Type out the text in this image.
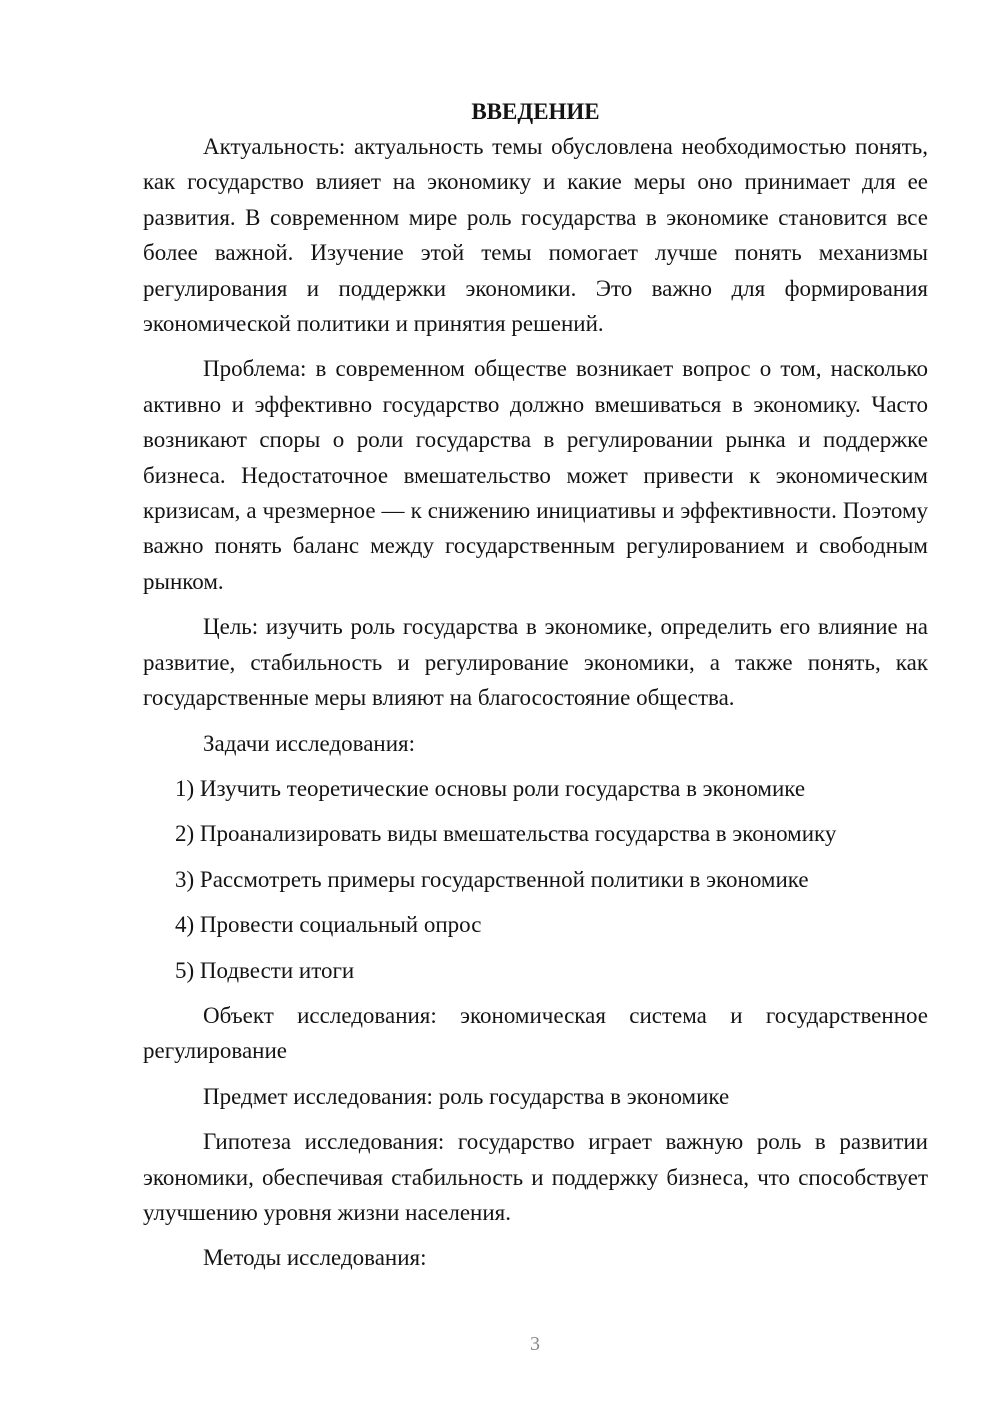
ВВЕДЕНИЕ

Актуальность: актуальность темы обусловлена необходимостью понять, как государство влияет на экономику и какие меры оно принимает для ее развития. В современном мире роль государства в экономике становится все более важной. Изучение этой темы помогает лучше понять механизмы регулирования и поддержки экономики. Это важно для формирования экономической политики и принятия решений.

Проблема: в современном обществе возникает вопрос о том, насколько активно и эффективно государство должно вмешиваться в экономику. Часто возникают споры о роли государства в регулировании рынка и поддержке бизнеса. Недостаточное вмешательство может привести к экономическим кризисам, а чрезмерное — к снижению инициативы и эффективности. Поэтому важно понять баланс между государственным регулированием и свободным рынком.

Цель: изучить роль государства в экономике, определить его влияние на развитие, стабильность и регулирование экономики, а также понять, как государственные меры влияют на благосостояние общества.

Задачи исследования:

1) Изучить теоретические основы роли государства в экономике
2) Проанализировать виды вмешательства государства в экономику
3) Рассмотреть примеры государственной политики в экономике
4) Провести социальный опрос
5) Подвести итоги

Объект исследования: экономическая система и государственное регулирование

Предмет исследования: роль государства в экономике

Гипотеза исследования: государство играет важную роль в развитии экономики, обеспечивая стабильность и поддержку бизнеса, что способствует улучшению уровня жизни населения.

Методы исследования:

3
